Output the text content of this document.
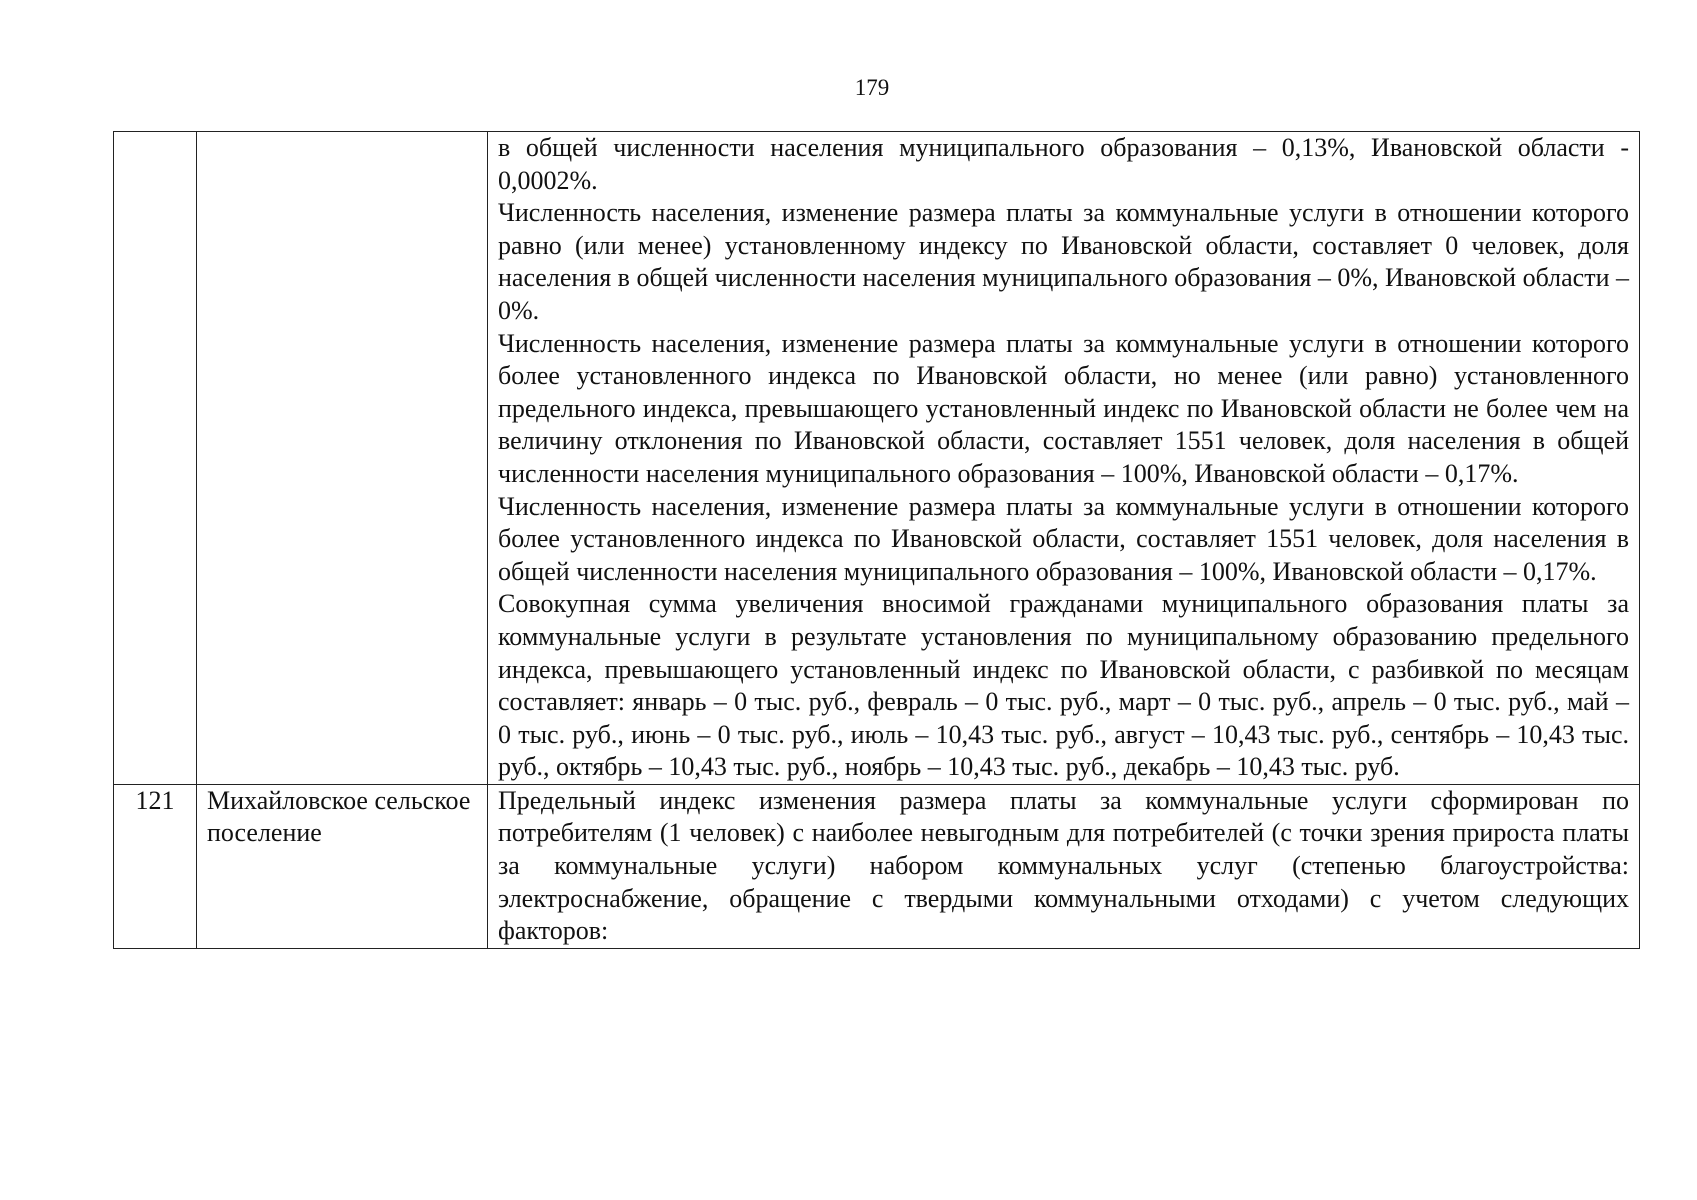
179

		в общей численности населения муниципального образования – 0,13%, Ивановской области - 0,0002%.

Численность населения, изменение размера платы за коммунальные услуги в отношении которого равно (или менее) установленному индексу по Ивановской области, составляет 0 человек, доля населения в общей численности населения муниципального образования – 0%, Ивановской области – 0%.

Численность населения, изменение размера платы за коммунальные услуги в отношении которого более установленного индекса по Ивановской области, но менее (или равно) установленного предельного индекса, превышающего установленный индекс по Ивановской области не более чем на величину отклонения по Ивановской области, составляет 1551 человек, доля населения в общей численности населения муниципального образования – 100%, Ивановской области – 0,17%.

Численность населения, изменение размера платы за коммунальные услуги в отношении которого более установленного индекса по Ивановской области, составляет 1551 человек, доля населения в общей численности населения муниципального образования – 100%, Ивановской области – 0,17%.

Совокупная сумма увеличения вносимой гражданами муниципального образования платы за коммунальные услуги в результате установления по муниципальному образованию предельного индекса, превышающего установленный индекс по Ивановской области, с разбивкой по месяцам составляет: январь – 0 тыс. руб., февраль – 0 тыс. руб., март – 0 тыс. руб., апрель – 0 тыс. руб., май – 0 тыс. руб., июнь – 0 тыс. руб., июль – 10,43 тыс. руб., август – 10,43 тыс. руб., сентябрь – 10,43 тыс. руб., октябрь – 10,43 тыс. руб., ноябрь – 10,43 тыс. руб., декабрь – 10,43 тыс. руб.

121	Михайловское сельское поселение	Предельный индекс изменения размера платы за коммунальные услуги сформирован по потребителям (1 человек) с наиболее невыгодным для потребителей (с точки зрения прироста платы за коммунальные услуги) набором коммунальных услуг (степенью благоустройства: электроснабжение, обращение с твердыми коммунальными отходами) с учетом следующих факторов:
